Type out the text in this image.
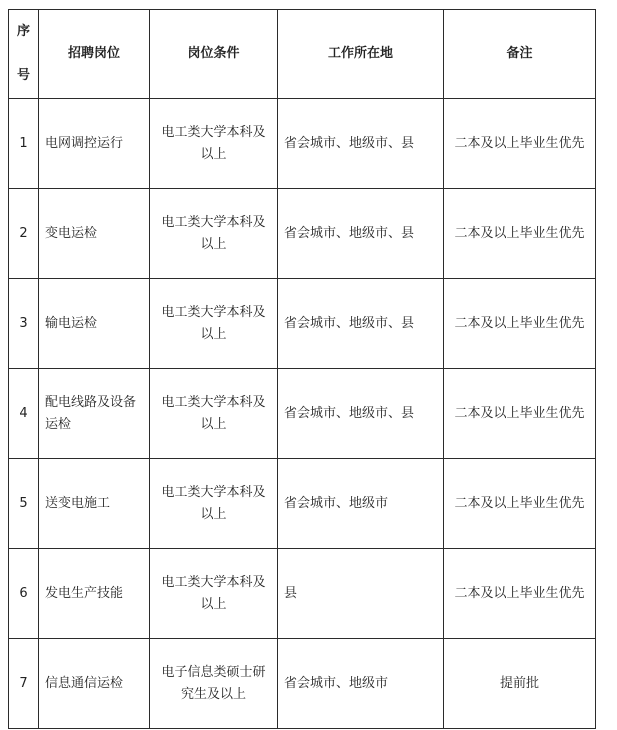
序
号	招聘岗位	岗位条件	工作所在地	备注
1	电网调控运行	电工类大学本科及以上	省会城市、地级市、县	二本及以上毕业生优先
2	变电运检	电工类大学本科及以上	省会城市、地级市、县	二本及以上毕业生优先
3	输电运检	电工类大学本科及以上	省会城市、地级市、县	二本及以上毕业生优先
4	配电线路及设备运检	电工类大学本科及以上	省会城市、地级市、县	二本及以上毕业生优先
5	送变电施工	电工类大学本科及以上	省会城市、地级市	二本及以上毕业生优先
6	发电生产技能	电工类大学本科及以上	县	二本及以上毕业生优先
7	信息通信运检	电子信息类硕士研究生及以上	省会城市、地级市	提前批
